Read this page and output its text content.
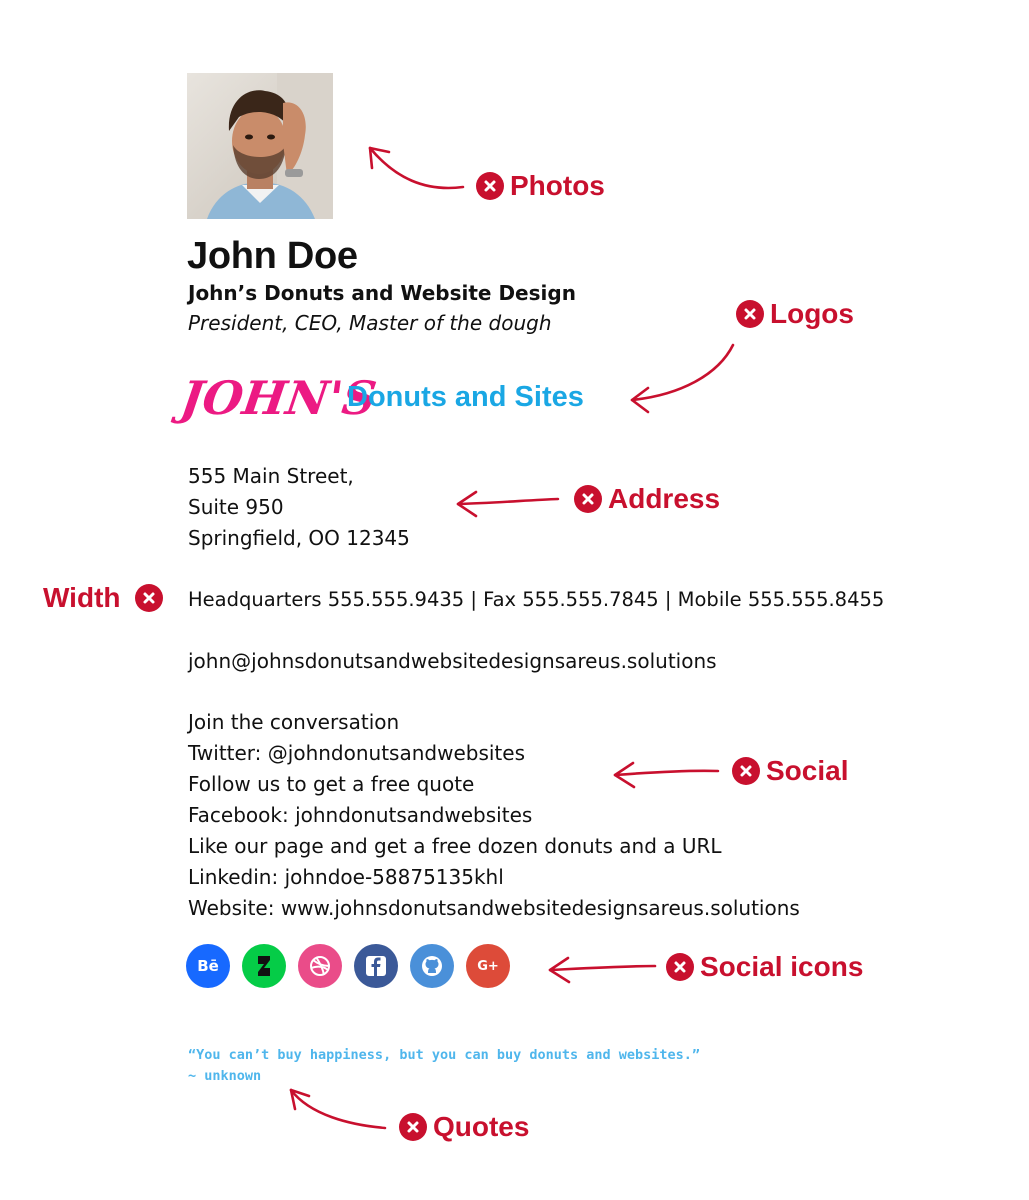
John Doe
John’s Donuts and Website Design
President, CEO, Master of the dough
JOHN'S
Donuts and Sites
555 Main Street,
Suite 950
Springfield, OO 12345
Headquarters 555.555.9435 | Fax 555.555.7845 | Mobile 555.555.8455
john@johnsdonutsandwebsitedesignsareus.solutions
Join the conversation
Twitter: @johndonutsandwebsites
Follow us to get a free quote
Facebook: johndonutsandwebsites
Like our page and get a free dozen donuts and a URL
Linkedin: johndoe-58875135khl
Website: www.johnsdonutsandwebsitedesignsareus.solutions
Bē	G+
“You can’t buy happiness, but you can buy donuts and websites.”
~ unknown
Photos
Logos
Address
Width
Social
Social icons
Quotes
